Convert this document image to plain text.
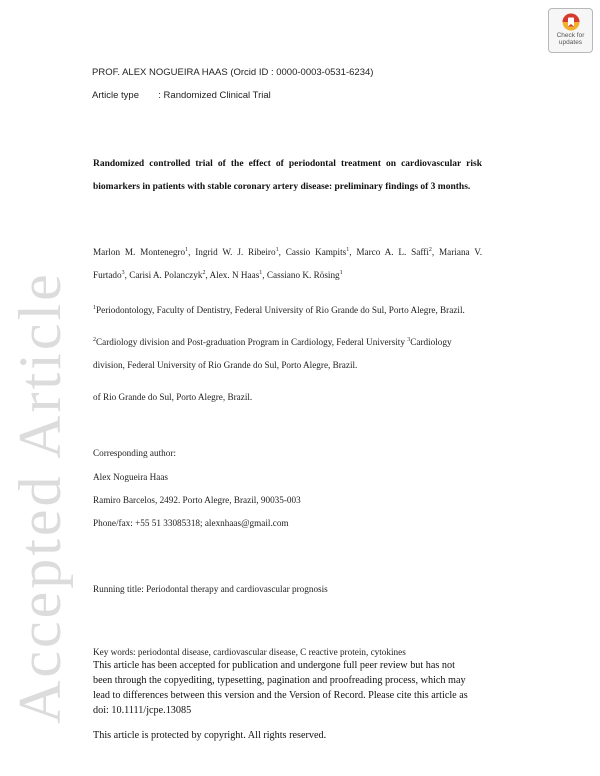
Accepted Article
Check for
updates
PROF. ALEX NOGUEIRA HAAS (Orcid ID : 0000-0003-0531-6234)
Article type : Randomized Clinical Trial
Randomized controlled trial of the effect of periodontal treatment on cardiovascular risk
biomarkers in patients with stable coronary artery disease: preliminary findings of 3 months.
Marlon M. Montenegro$^1$, Ingrid W. J. Ribeiro$^1$, Cassio Kampits$^1$, Marco A. L. Saffi$^2$, Mariana V.
Furtado$^3$, Carisi A. Polanczyk$^2$, Alex. N Haas$^1$, Cassiano K. Rösing$^1$
$^1$Periodontology, Faculty of Dentistry, Federal University of Rio Grande do Sul, Porto Alegre, Brazil.
$^2$Cardiology division and Post-graduation Program in Cardiology, Federal University $^3$Cardiology
division, Federal University of Rio Grande do Sul, Porto Alegre, Brazil.
of Rio Grande do Sul, Porto Alegre, Brazil.
Corresponding author:
Alex Nogueira Haas
Ramiro Barcelos, 2492. Porto Alegre, Brazil, 90035-003
Phone/fax: +55 51 33085318; alexnhaas@gmail.com
Running title: Periodontal therapy and cardiovascular prognosis
Key words: periodontal disease, cardiovascular disease, C reactive protein, cytokines
This article has been accepted for publication and undergone full peer review but has not
been through the copyediting, typesetting, pagination and proofreading process, which may
lead to differences between this version and the Version of Record. Please cite this article as
doi: 10.1111/jcpe.13085
This article is protected by copyright. All rights reserved.
